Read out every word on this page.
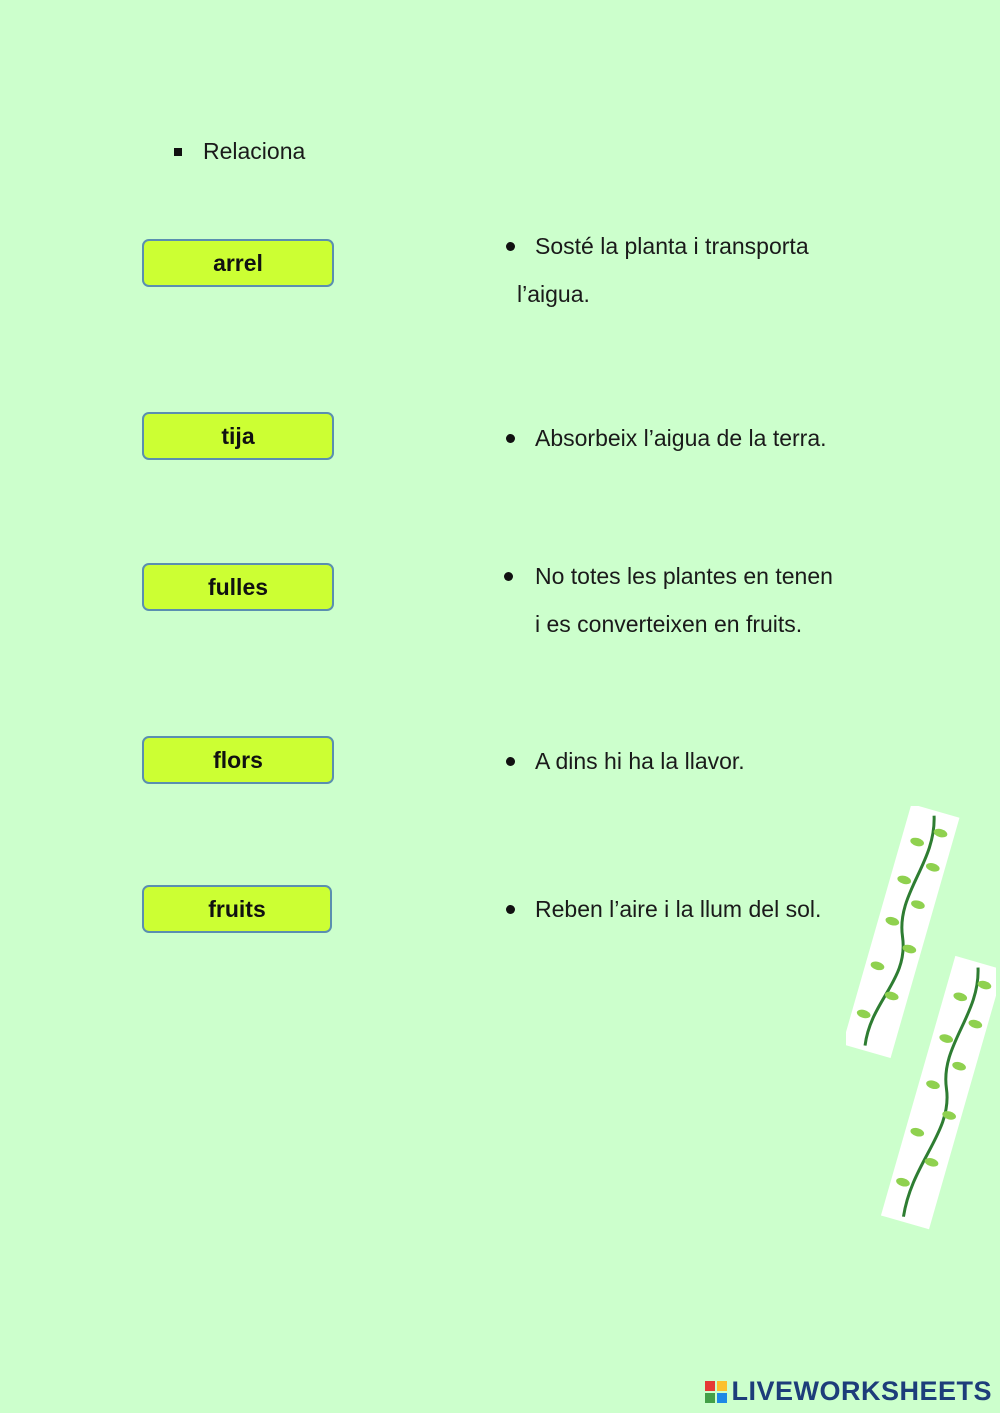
Relaciona
arrel
tija
fulles
flors
fruits
Sosté la planta i transporta
l’aigua.
Absorbeix l’aigua de la terra.
No totes les plantes en tenen
i es converteixen en fruits.
A dins hi ha la llavor.
Reben l’aire i la llum del sol.
LIVEWORKSHEETS
